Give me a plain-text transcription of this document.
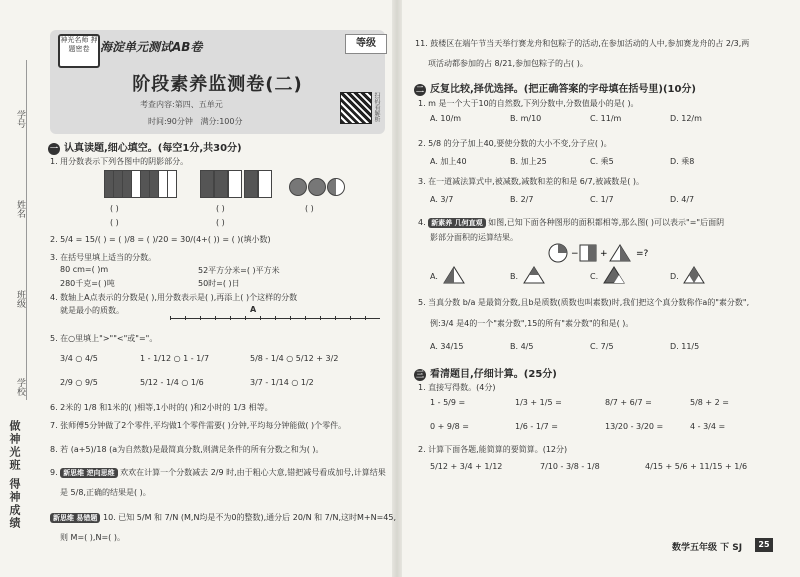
学号
姓名
班级
学校
做神光班 得神成绩
神光名师 押题密卷 海淀单元测试AB卷	等级
阶段素养监测卷(二)
考查内容:第四、五单元
时间:90分钟 满分:100分	扫码看解析
一 认真读题,细心填空。(每空1分,共30分)
1. 用分数表示下列各图中的阴影部分。
( )
( )
( )
( )
( )
2. 5/4 = 15/( ) = ( )/8 = ( )/20 = 30/(4+( )) = ( )(填小数)
3. 在括号里填上适当的分数。
80 cm=( )m	52平方分米=( )平方米
280千克=( )吨	50时=( )日
4. 数轴上A点表示的分数是( ),用分数表示是( ),再添上( )个这样的分数
就是最小的质数。	A
5. 在○里填上">""<"或"="。
3/4 ○ 4/5	1 - 1/12 ○ 1 - 1/7	5/8 - 1/4 ○ 5/12 + 3/2
2/9 ○ 9/5	5/12 - 1/4 ○ 1/6	3/7 - 1/14 ○ 1/2
6. 2米的 1/8 和1米的( )相等,1小时的( )和2小时的 1/3 相等。
7. 张师傅5分钟做了2个零件,平均做1个零件需要( )分钟,平均每分钟能做( )个零件。
8. 若 (a+5)/18 (a为自然数)是最简真分数,则满足条件的所有分数之和为( )。
9. 新思维 逆向思维 欢欢在计算一个分数减去 2/9 时,由于粗心大意,错把减号看成加号,计算结果
是 5/8,正确的结果是( )。
新思维 易错题 10. 已知 5/M 和 7/N (M,N均是不为0的整数),通分后 20/N 和 7/N,这时M+N=45,
则 M=( ),N=( )。
11. 鼓楼区在端午节当天举行赛龙舟和包粽子的活动,在参加活动的人中,参加赛龙舟的占 2/3,两
项活动都参加的占 8/21,参加包粽子的占( )。
二 反复比较,择优选择。(把正确答案的字母填在括号里)(10分)
1. m 是一个大于10的自然数,下列分数中,分数值最小的是( )。
A. 10/m	B. m/10	C. 11/m	D. 12/m
2. 5/8 的分子加上40,要使分数的大小不变,分子应( )。
A. 加上40	B. 加上25	C. 乘5	D. 乘8
3. 在一道减法算式中,被减数,减数和差的和是 6/7,被减数是( )。
A. 3/7	B. 2/7	C. 1/7	D. 4/7
4. 新素养 几何直观 如图,已知下面各种图形的面积都相等,那么图( )可以表示"="后面阴
影部分面积的运算结果。
− +	=?
A.	B.	C.	D.
5. 当真分数 b/a 是最简分数,且b是质数(质数也叫素数)时,我们把这个真分数称作a的"素分数",
例:3/4 是4的一个"素分数",15的所有"素分数"的和是( )。
A. 34/15	B. 4/5	C. 7/5	D. 11/5
三 看清题目,仔细计算。(25分)
1. 直接写得数。(4分)
1 - 5/9 =	1/3 + 1/5 =	8/7 + 6/7 =	5/8 + 2 =
0 + 9/8 =	1/6 - 1/7 =	13/20 - 3/20 =	4 - 3/4 =
2. 计算下面各题,能简算的要简算。(12分)
5/12 + 3/4 + 1/12	7/10 - 3/8 - 1/8	4/15 + 5/6 + 11/15 + 1/6
数学五年级 下 SJ	25
